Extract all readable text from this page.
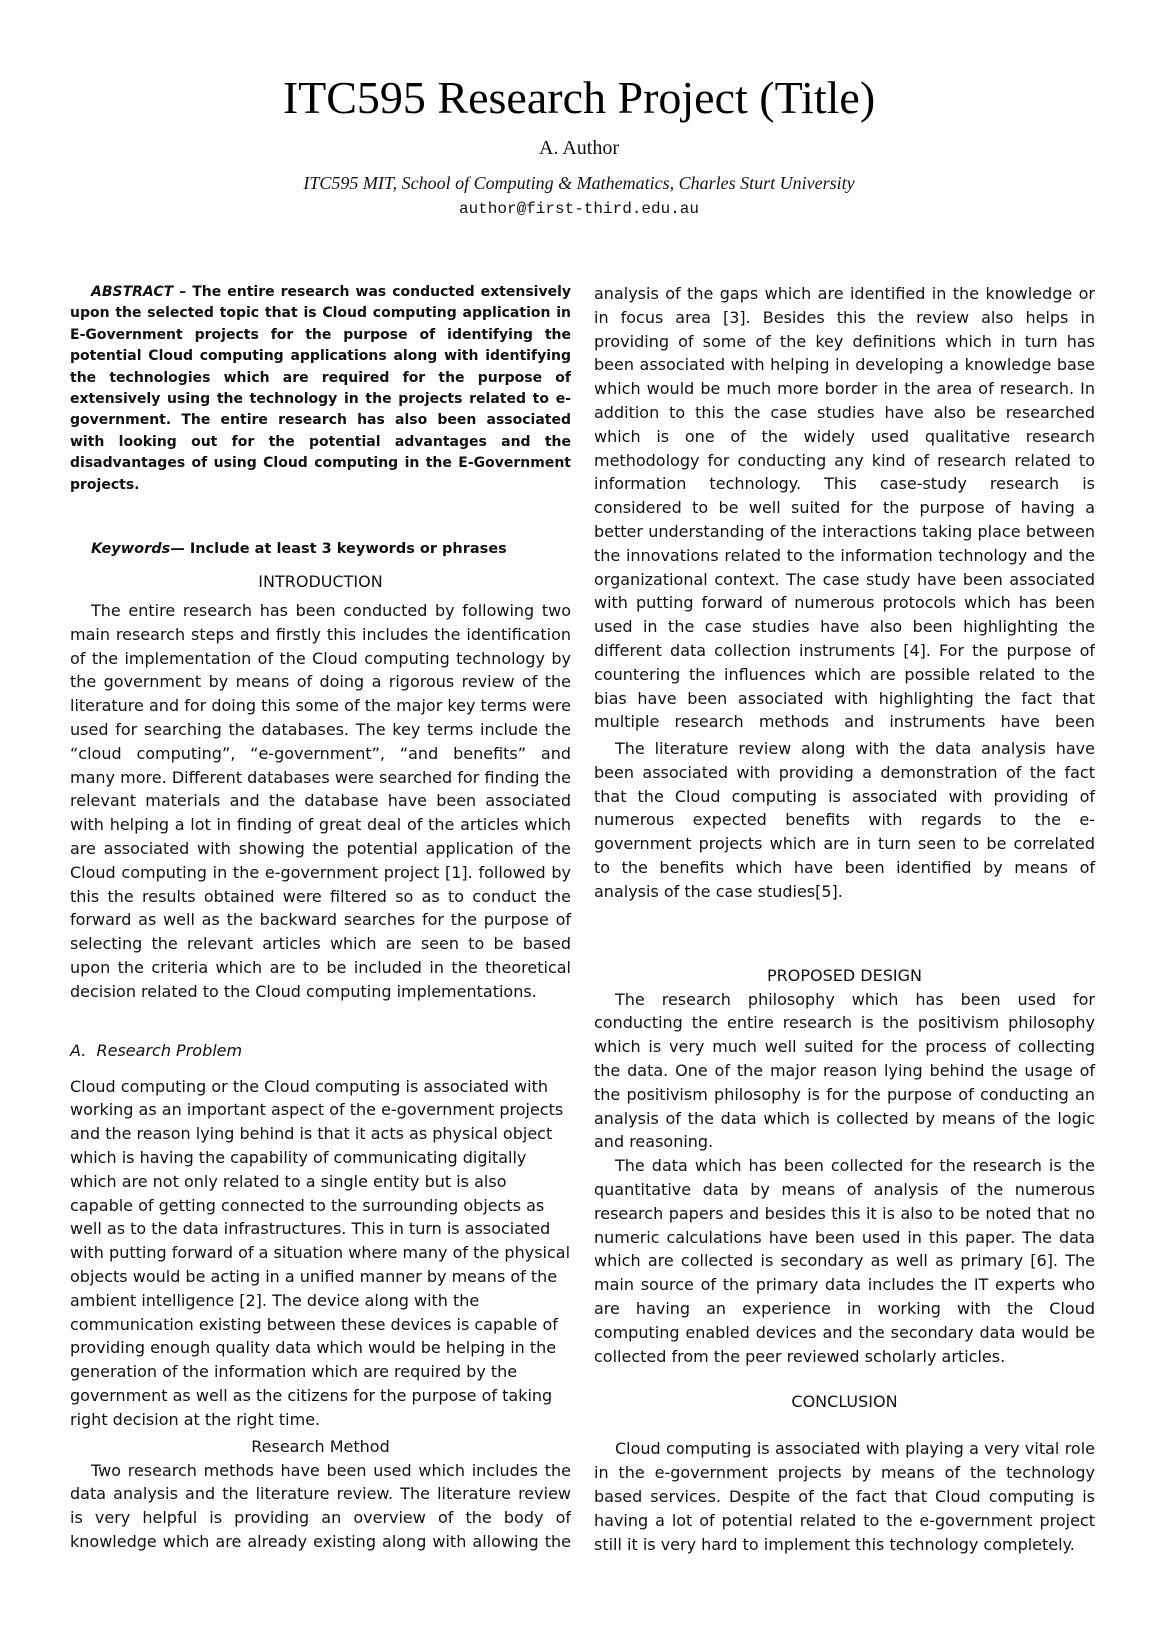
ITC595 Research Project (Title)
A. Author
ITC595 MIT, School of Computing & Mathematics, Charles Sturt University
author@first-third.edu.au

ABSTRACT – The entire research was conducted extensively upon the selected topic that is Cloud computing application in E-Government projects for the purpose of identifying the potential Cloud computing applications along with identifying the technologies which are required for the purpose of extensively using the technology in the projects related to e-government. The entire research has also been associated with looking out for the potential advantages and the disadvantages of using Cloud computing in the E-Government projects.

Keywords— Include at least 3 keywords or phrases

INTRODUCTION

The entire research has been conducted by following two main research steps and firstly this includes the identification of the implementation of the Cloud computing technology by the government by means of doing a rigorous review of the literature and for doing this some of the major key terms were used for searching the databases. The key terms include the “cloud computing”, “e-government”, “and benefits” and many more. Different databases were searched for finding the relevant materials and the database have been associated with helping a lot in finding of great deal of the articles which are associated with showing the potential application of the Cloud computing in the e-government project [1]. followed by this the results obtained were filtered so as to conduct the forward as well as the backward searches for the purpose of selecting the relevant articles which are seen to be based upon the criteria which are to be included in the theoretical decision related to the Cloud computing implementations.

A.  Research Problem

Cloud computing or the Cloud computing is associated with working as an important aspect of the e-government projects and the reason lying behind is that it acts as physical object which is having the capability of communicating digitally which are not only related to a single entity but is also capable of getting connected to the surrounding objects as well as to the data infrastructures. This in turn is associated with putting forward of a situation where many of the physical objects would be acting in a unified manner by means of the ambient intelligence [2]. The device along with the communication existing between these devices is capable of providing enough quality data which would be helping in the generation of the information which are required by the government as well as the citizens for the purpose of taking right decision at the right time.

Research Method

Two research methods have been used which includes the data analysis and the literature review. The literature review is very helpful is providing an overview of the body of knowledge which are already existing along with allowing the

analysis of the gaps which are identified in the knowledge or in focus area [3]. Besides this the review also helps in providing of some of the key definitions which in turn has been associated with helping in developing a knowledge base which would be much more border in the area of research. In addition to this the case studies have also be researched which is one of the widely used qualitative research methodology for conducting any kind of research related to information technology. This case-study research is considered to be well suited for the purpose of having a better understanding of the interactions taking place between the innovations related to the information technology and the organizational context. The case study have been associated with putting forward of numerous protocols which has been used in the case studies have also been highlighting the different data collection instruments [4]. For the purpose of countering the influences which are possible related to the bias have been associated with highlighting the fact that multiple research methods and instruments have been

The literature review along with the data analysis have been associated with providing a demonstration of the fact that the Cloud computing is associated with providing of numerous expected benefits with regards to the e-government projects which are in turn seen to be correlated to the benefits which have been identified by means of analysis of the case studies[5].

PROPOSED DESIGN

The research philosophy which has been used for conducting the entire research is the positivism philosophy which is very much well suited for the process of collecting the data. One of the major reason lying behind the usage of the positivism philosophy is for the purpose of conducting an analysis of the data which is collected by means of the logic and reasoning.

The data which has been collected for the research is the quantitative data by means of analysis of the numerous research papers and besides this it is also to be noted that no numeric calculations have been used in this paper. The data which are collected is secondary as well as primary [6]. The main source of the primary data includes the IT experts who are having an experience in working with the Cloud computing enabled devices and the secondary data would be collected from the peer reviewed scholarly articles.

CONCLUSION

Cloud computing is associated with playing a very vital role in the e-government projects by means of the technology based services. Despite of the fact that Cloud computing is having a lot of potential related to the e-government project still it is very hard to implement this technology completely.
